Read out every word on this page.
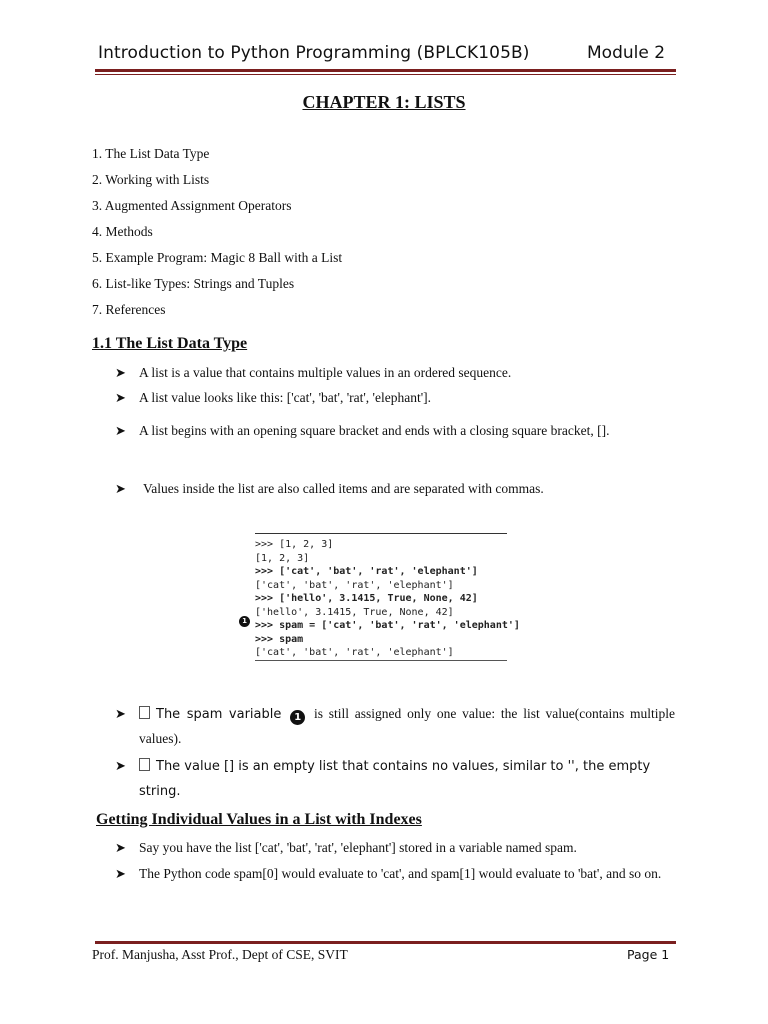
Introduction to Python Programming (BPLCK105B)	Module 2
CHAPTER 1: LISTS
1. The List Data Type
2. Working with Lists
3. Augmented Assignment Operators
4. Methods
5. Example Program: Magic 8 Ball with a List
6. List-like Types: Strings and Tuples
7. References
1.1 The List Data Type
➤ A list is a value that contains multiple values in an ordered sequence.
➤ A list value looks like this: ['cat', 'bat', 'rat', 'elephant'].
➤ A list begins with an opening square bracket and ends with a closing square bracket, [].
➤	Values inside the list are also called items and are separated with commas.
>>> [1, 2, 3]
[1, 2, 3]
>>> ['cat', 'bat', 'rat', 'elephant']
['cat', 'bat', 'rat', 'elephant']
>>> ['hello', 3.1415, True, None, 42]
['hello', 3.1415, True, None, 42]
>>> spam = ['cat', 'bat', 'rat', 'elephant']
>>> spam
['cat', 'bat', 'rat', 'elephant']
1
➤	The spam variable 1 is still assigned only one value: the list value(contains multiple values).
➤	The value [] is an empty list that contains no values, similar to '', the empty string.
Getting Individual Values in a List with Indexes
➤ Say you have the list ['cat', 'bat', 'rat', 'elephant'] stored in a variable named spam.
➤ The Python code spam[0] would evaluate to 'cat', and spam[1] would evaluate to 'bat', and so on.
Prof. Manjusha, Asst Prof., Dept of CSE, SVIT	Page 1
